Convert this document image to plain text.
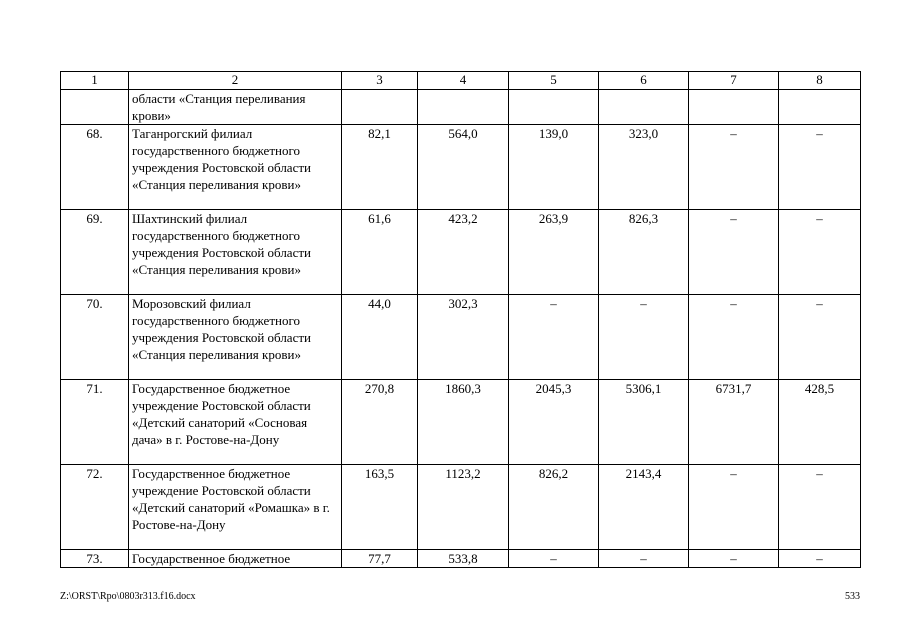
1	2	3	4	5	6	7	8
	области «Станция переливания крови»						
68.	Таганрогский филиал государственного бюджетного учреждения Ростовской области «Станция переливания крови»	82,1	564,0	139,0	323,0	–	–
69.	Шахтинский филиал государственного бюджетного учреждения Ростовской области «Станция переливания крови»	61,6	423,2	263,9	826,3	–	–
70.	Морозовский филиал государственного бюджетного учреждения Ростовской области «Станция переливания крови»	44,0	302,3	–	–	–	–
71.	Государственное бюджетное учреждение Ростовской области «Детский санаторий «Сосновая дача» в г. Ростове-на-Дону	270,8	1860,3	2045,3	5306,1	6731,7	428,5
72.	Государственное бюджетное учреждение Ростовской области «Детский санаторий «Ромашка» в г. Ростове-на-Дону	163,5	1123,2	826,2	2143,4	–	–
73.	Государственное бюджетное	77,7	533,8	–	–	–	–
Z:\ORST\Rpo\0803r313.f16.docx	533
